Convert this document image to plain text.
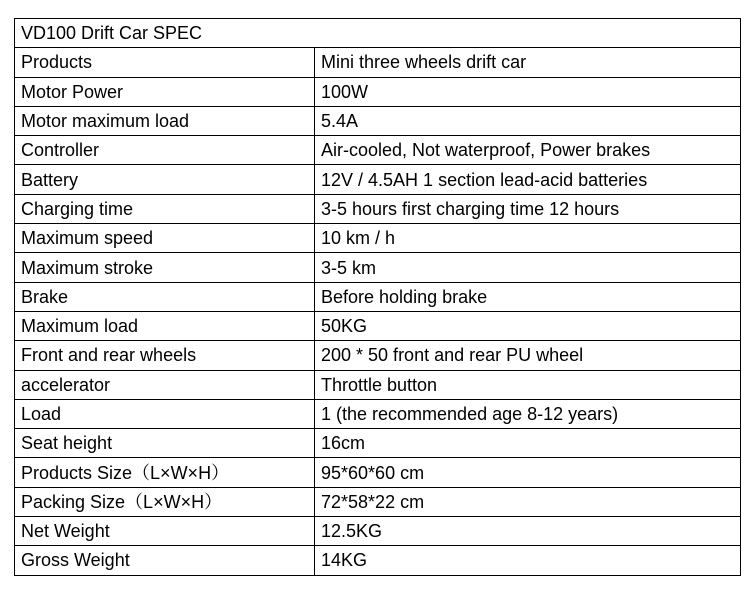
VD100 Drift Car SPEC	
Products	Mini three wheels drift car
Motor Power	100W
Motor maximum load	5.4A
Controller	Air-cooled, Not waterproof, Power brakes
Battery	12V / 4.5AH 1 section lead-acid batteries
Charging time	3-5 hours first charging time 12 hours
Maximum speed	10 km / h
Maximum stroke	3-5 km
Brake	Before holding brake
Maximum load	50KG
Front and rear wheels	200 * 50 front and rear PU wheel
accelerator	Throttle button
Load	1 (the recommended age 8-12 years)
Seat height	16cm
Products Size（L×W×H）	95*60*60 cm
Packing Size（L×W×H）	72*58*22 cm
Net Weight	12.5KG
Gross Weight	14KG
